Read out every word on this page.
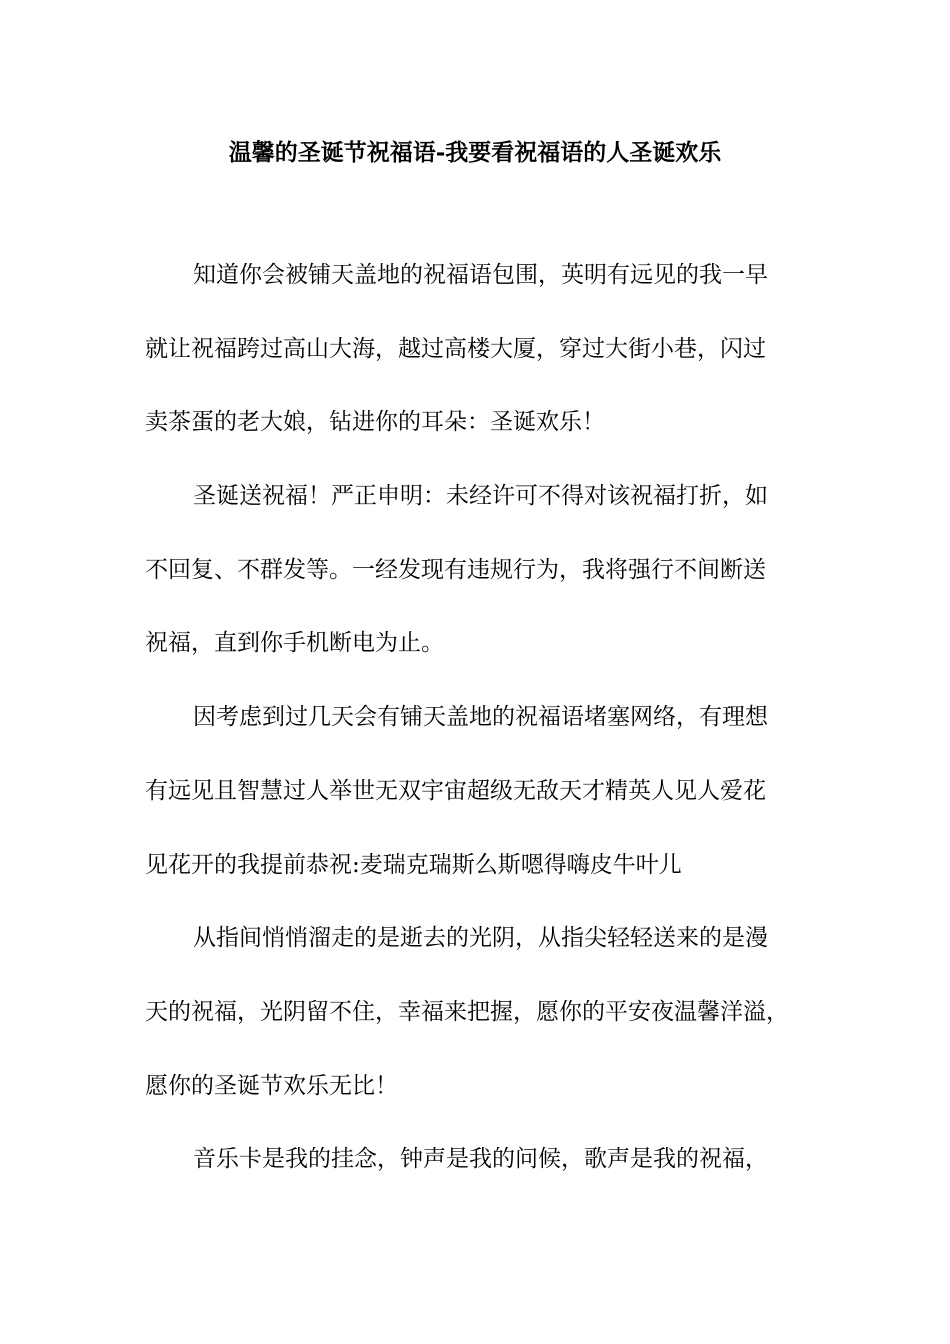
温馨的圣诞节祝福语-我要看祝福语的人圣诞欢乐
知道你会被铺天盖地的祝福语包围，英明有远见的我一早
就让祝福跨过高山大海，越过高楼大厦，穿过大街小巷，闪过
卖茶蛋的老大娘，钻进你的耳朵：圣诞欢乐！
圣诞送祝福！严正申明：未经许可不得对该祝福打折，如
不回复、不群发等。一经发现有违规行为，我将强行不间断送
祝福，直到你手机断电为止。
因考虑到过几天会有铺天盖地的祝福语堵塞网络，有理想
有远见且智慧过人举世无双宇宙超级无敌天才精英人见人爱花
见花开的我提前恭祝:麦瑞克瑞斯么斯嗯得嗨皮牛叶儿
从指间悄悄溜走的是逝去的光阴，从指尖轻轻送来的是漫
天的祝福，光阴留不住，幸福来把握，愿你的平安夜温馨洋溢，
愿你的圣诞节欢乐无比！
音乐卡是我的挂念，钟声是我的问候，歌声是我的祝福，
